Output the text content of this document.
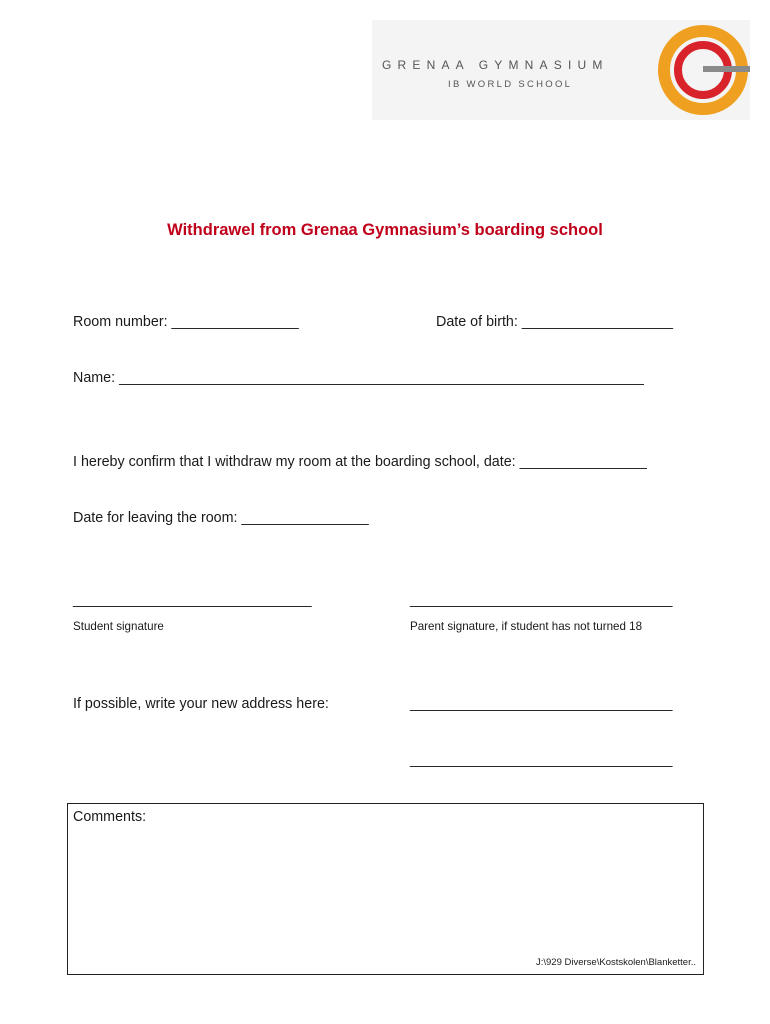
GRENAA GYMNASIUM
IB WORLD SCHOOL
Withdrawel from Grenaa Gymnasium’s boarding school
Room number: ________________	Date of birth: ___________________
Name: __________________________________________________________________
I hereby confirm that I withdraw my room at the boarding school, date: ________________
Date for leaving the room: ________________
______________________________	_________________________________
Student signature	Parent signature, if student has not turned 18
If possible, write your new address here:	_________________________________
_________________________________
Comments:
J:\929 Diverse\Kostskolen\Blanketter..
